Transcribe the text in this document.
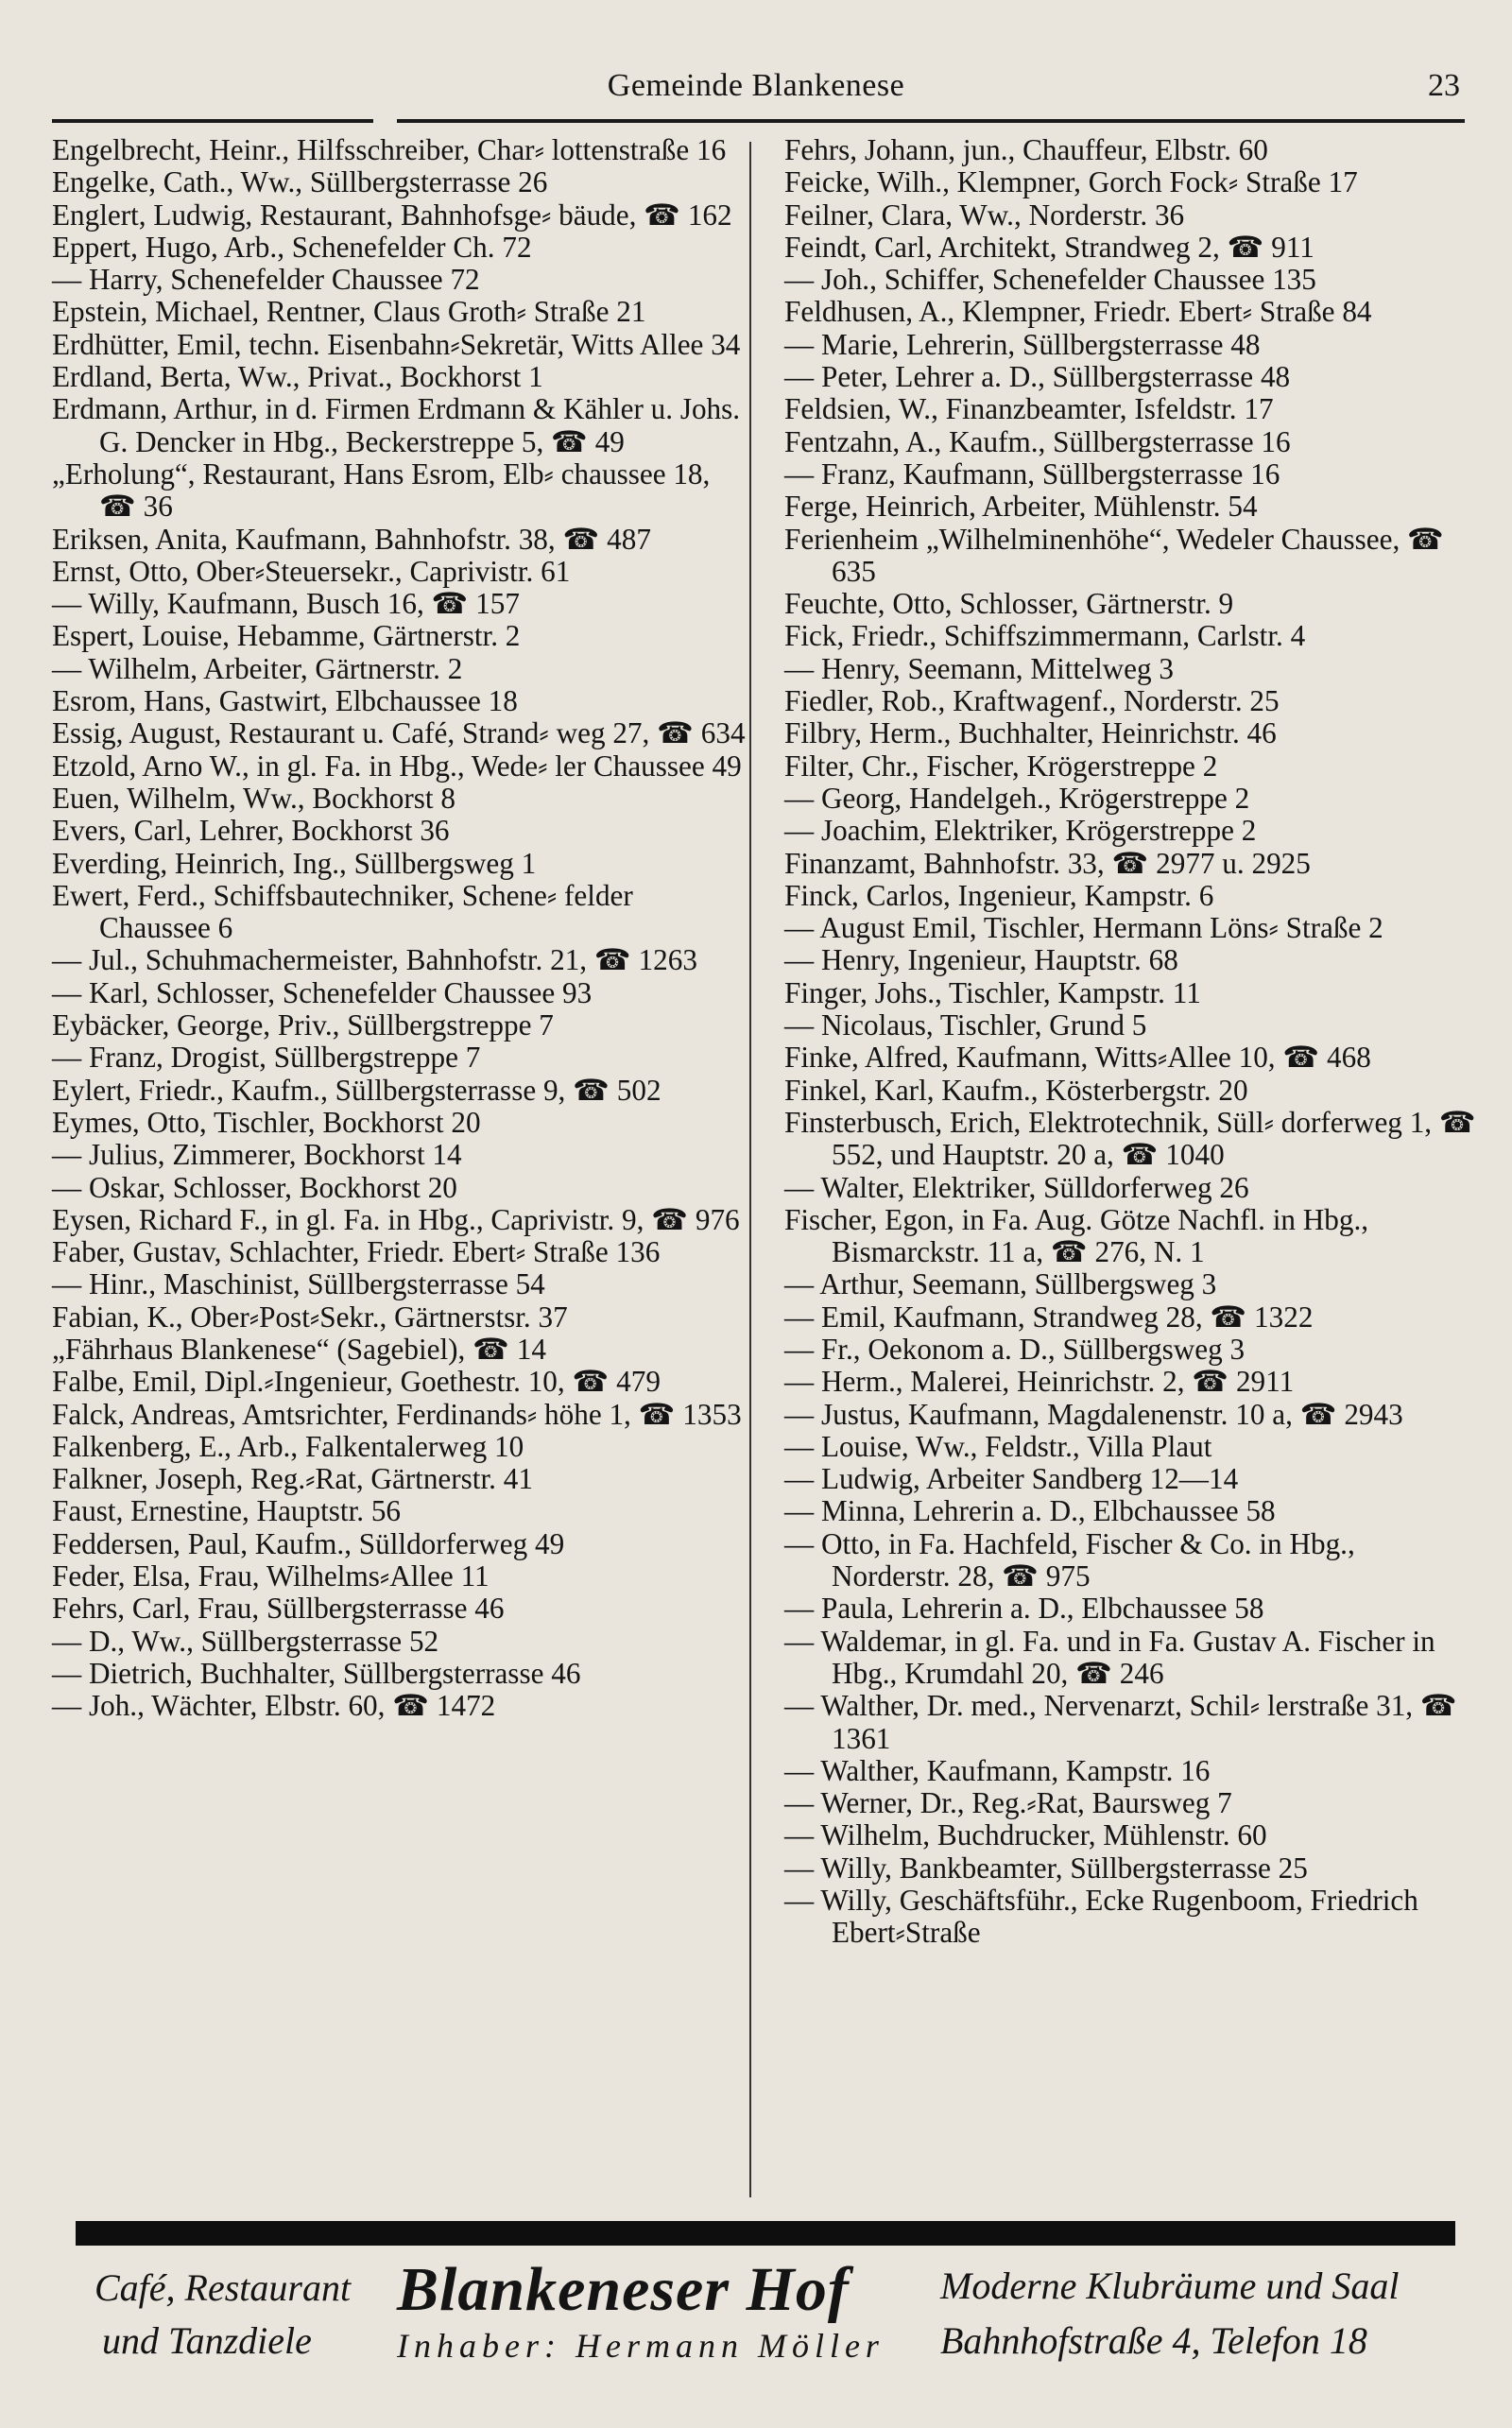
Gemeinde Blankenese	23

Engelbrecht, Heinr., Hilfsschreiber, Char⸗ lottenstraße 16

Engelke, Cath., Ww., Süllbergsterrasse 26

Englert, Ludwig, Restaurant, Bahnhofsge⸗ bäude, ☎ 162

Eppert, Hugo, Arb., Schenefelder Ch. 72

— Harry, Schenefelder Chaussee 72

Epstein, Michael, Rentner, Claus Groth⸗ Straße 21

Erdhütter, Emil, techn. Eisenbahn⸗Sekretär, Witts Allee 34

Erdland, Berta, Ww., Privat., Bockhorst 1

Erdmann, Arthur, in d. Firmen Erdmann & Kähler u. Johs. G. Dencker in Hbg., Beckerstreppe 5, ☎ 49

„Erholung“, Restaurant, Hans Esrom, Elb⸗ chaussee 18, ☎ 36

Eriksen, Anita, Kaufmann, Bahnhofstr. 38, ☎ 487

Ernst, Otto, Ober⸗Steuersekr., Caprivistr. 61

— Willy, Kaufmann, Busch 16, ☎ 157

Espert, Louise, Hebamme, Gärtnerstr. 2

— Wilhelm, Arbeiter, Gärtnerstr. 2

Esrom, Hans, Gastwirt, Elbchaussee 18

Essig, August, Restaurant u. Café, Strand⸗ weg 27, ☎ 634

Etzold, Arno W., in gl. Fa. in Hbg., Wede⸗ ler Chaussee 49

Euen, Wilhelm, Ww., Bockhorst 8

Evers, Carl, Lehrer, Bockhorst 36

Everding, Heinrich, Ing., Süllbergsweg 1

Ewert, Ferd., Schiffsbautechniker, Schene⸗ felder Chaussee 6

— Jul., Schuhmachermeister, Bahnhofstr. 21, ☎ 1263

— Karl, Schlosser, Schenefelder Chaussee 93

Eybäcker, George, Priv., Süllbergstreppe 7

— Franz, Drogist, Süllbergstreppe 7

Eylert, Friedr., Kaufm., Süllbergsterrasse 9, ☎ 502

Eymes, Otto, Tischler, Bockhorst 20

— Julius, Zimmerer, Bockhorst 14

— Oskar, Schlosser, Bockhorst 20

Eysen, Richard F., in gl. Fa. in Hbg., Caprivistr. 9, ☎ 976

Faber, Gustav, Schlachter, Friedr. Ebert⸗ Straße 136

— Hinr., Maschinist, Süllbergsterrasse 54

Fabian, K., Ober⸗Post⸗Sekr., Gärtnerstsr. 37

„Fährhaus Blankenese“ (Sagebiel), ☎ 14

Falbe, Emil, Dipl.⸗Ingenieur, Goethestr. 10, ☎ 479

Falck, Andreas, Amtsrichter, Ferdinands⸗ höhe 1, ☎ 1353

Falkenberg, E., Arb., Falkentalerweg 10

Falkner, Joseph, Reg.⸗Rat, Gärtnerstr. 41

Faust, Ernestine, Hauptstr. 56

Feddersen, Paul, Kaufm., Sülldorferweg 49

Feder, Elsa, Frau, Wilhelms⸗Allee 11

Fehrs, Carl, Frau, Süllbergsterrasse 46

— D., Ww., Süllbergsterrasse 52

— Dietrich, Buchhalter, Süllbergsterrasse 46

— Joh., Wächter, Elbstr. 60, ☎ 1472

Fehrs, Johann, jun., Chauffeur, Elbstr. 60

Feicke, Wilh., Klempner, Gorch Fock⸗ Straße 17

Feilner, Clara, Ww., Norderstr. 36

Feindt, Carl, Architekt, Strandweg 2, ☎ 911

— Joh., Schiffer, Schenefelder Chaussee 135

Feldhusen, A., Klempner, Friedr. Ebert⸗ Straße 84

— Marie, Lehrerin, Süllbergsterrasse 48

— Peter, Lehrer a. D., Süllbergsterrasse 48

Feldsien, W., Finanzbeamter, Isfeldstr. 17

Fentzahn, A., Kaufm., Süllbergsterrasse 16

— Franz, Kaufmann, Süllbergsterrasse 16

Ferge, Heinrich, Arbeiter, Mühlenstr. 54

Ferienheim „Wilhelminenhöhe“, Wedeler Chaussee, ☎ 635

Feuchte, Otto, Schlosser, Gärtnerstr. 9

Fick, Friedr., Schiffszimmermann, Carlstr. 4

— Henry, Seemann, Mittelweg 3

Fiedler, Rob., Kraftwagenf., Norderstr. 25

Filbry, Herm., Buchhalter, Heinrichstr. 46

Filter, Chr., Fischer, Krögerstreppe 2

— Georg, Handelgeh., Krögerstreppe 2

— Joachim, Elektriker, Krögerstreppe 2

Finanzamt, Bahnhofstr. 33, ☎ 2977 u. 2925

Finck, Carlos, Ingenieur, Kampstr. 6

— August Emil, Tischler, Hermann Löns⸗ Straße 2

— Henry, Ingenieur, Hauptstr. 68

Finger, Johs., Tischler, Kampstr. 11

— Nicolaus, Tischler, Grund 5

Finke, Alfred, Kaufmann, Witts⸗Allee 10, ☎ 468

Finkel, Karl, Kaufm., Kösterbergstr. 20

Finsterbusch, Erich, Elektrotechnik, Süll⸗ dorferweg 1, ☎ 552, und Hauptstr. 20 a, ☎ 1040

— Walter, Elektriker, Sülldorferweg 26

Fischer, Egon, in Fa. Aug. Götze Nachfl. in Hbg., Bismarckstr. 11 a, ☎ 276, N. 1

— Arthur, Seemann, Süllbergsweg 3

— Emil, Kaufmann, Strandweg 28, ☎ 1322

— Fr., Oekonom a. D., Süllbergsweg 3

— Herm., Malerei, Heinrichstr. 2, ☎ 2911

— Justus, Kaufmann, Magdalenenstr. 10 a, ☎ 2943

— Louise, Ww., Feldstr., Villa Plaut

— Ludwig, Arbeiter Sandberg 12—14

— Minna, Lehrerin a. D., Elbchaussee 58

— Otto, in Fa. Hachfeld, Fischer & Co. in Hbg., Norderstr. 28, ☎ 975

— Paula, Lehrerin a. D., Elbchaussee 58

— Waldemar, in gl. Fa. und in Fa. Gustav A. Fischer in Hbg., Krumdahl 20, ☎ 246

— Walther, Dr. med., Nervenarzt, Schil⸗ lerstraße 31, ☎ 1361

— Walther, Kaufmann, Kampstr. 16

— Werner, Dr., Reg.⸗Rat, Baursweg 7

— Wilhelm, Buchdrucker, Mühlenstr. 60

— Willy, Bankbeamter, Süllbergsterrasse 25

— Willy, Geschäftsführ., Ecke Rugenboom, Friedrich Ebert⸗Straße

Café, Restaurant
und Tanzdiele
Blankeneser Hof
Inhaber: Hermann Möller
Moderne Klubräume und Saal
Bahnhofstraße 4, Telefon 18
